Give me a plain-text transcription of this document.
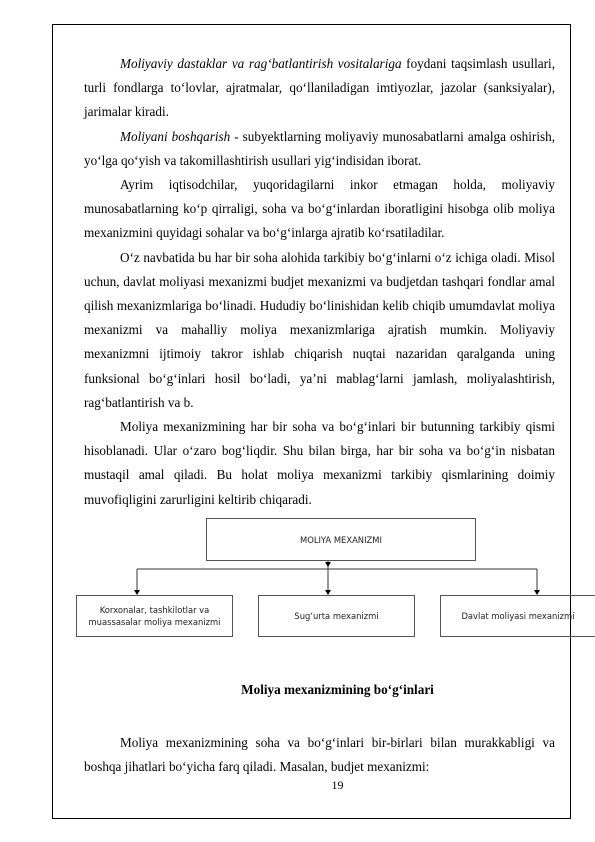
Moliyaviy dastaklar va rag‘batlantirish vositalariga foydani taqsimlash usullari, turli fondlarga to‘lovlar, ajratmalar, qo‘llaniladigan imtiyozlar, jazolar (sanksiyalar), jarimalar kiradi.

Moliyani boshqarish - subyektlarning moliyaviy munosabatlarni amalga oshirish, yo‘lga qo‘yish va takomillashtirish usullari yig‘indisidan iborat.

Ayrim iqtisodchilar, yuqoridagilarni inkor etmagan holda, moliyaviy munosabatlarning ko‘p qirraligi, soha va bo‘g‘inlardan iboratligini hisobga olib moliya mexanizmini quyidagi sohalar va bo‘g‘inlarga ajratib ko‘rsatiladilar.

O‘z navbatida bu har bir soha alohida tarkibiy bo‘g‘inlarni o‘z ichiga oladi. Misol uchun, davlat moliyasi mexanizmi budjet mexanizmi va budjetdan tashqari fondlar amal qilish mexanizmlariga bo‘linadi. Hududiy bo‘linishidan kelib chiqib umumdavlat moliya mexanizmi va mahalliy moliya mexanizmlariga ajratish mumkin. Moliyaviy mexanizmni ijtimoiy takror ishlab chiqarish nuqtai nazaridan qaralganda uning funksional bo‘g‘inlari hosil bo‘ladi, ya’ni mablag‘larni jamlash, moliyalashtirish, rag‘batlantirish va b.

Moliya mexanizmining har bir soha va bo‘g‘inlari bir butunning tarkibiy qismi hisoblanadi. Ular o‘zaro bog‘liqdir. Shu bilan birga, har bir soha va bo‘g‘in nisbatan mustaqil amal qiladi. Bu holat moliya mexanizmi tarkibiy qismlarining doimiy muvofiqligini zarurligini keltirib chiqaradi.

MOLIYA MEXANIZMI
Korxonalar, tashkilotlar va muassasalar moliya mexanizmi
Sug‘urta mexanizmi	Davlat moliyasi mexanizmi
Moliya mexanizmining bo‘g‘inlari

Moliya mexanizmining soha va bo‘g‘inlari bir-birlari bilan murakkabligi va boshqa jihatlari bo‘yicha farq qiladi. Masalan, budjet mexanizmi:

19
